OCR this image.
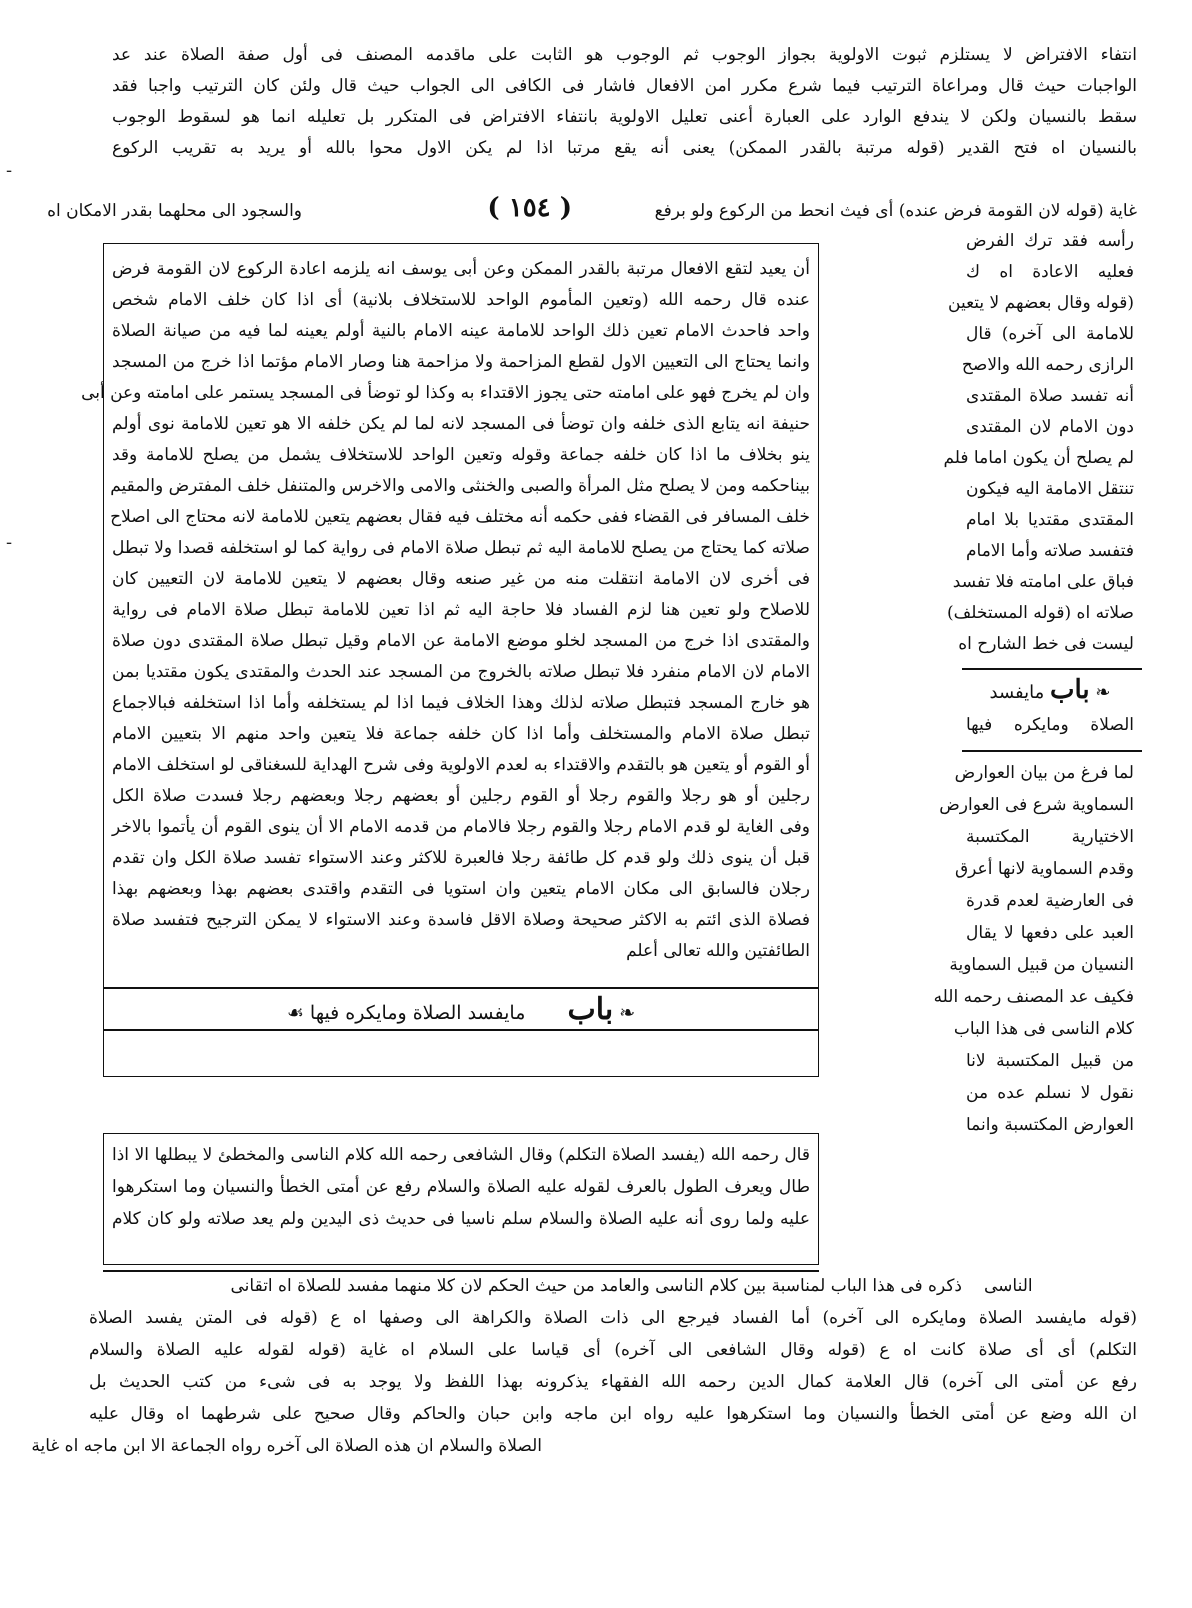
انتفاء الافتراض لا يستلزم ثبوت الاولوية بجواز الوجوب ثم الوجوب هو الثابت على ماقدمه المصنف فى أول صفة الصلاة عند عد
الواجبات حيث قال ومراعاة الترتيب فيما شرع مكرر امن الافعال فاشار فى الكافى الى الجواب حيث قال ولئن كان الترتيب واجبا فقد
سقط بالنسيان ولكن لا يندفع الوارد على العبارة أعنى تعليل الاولوية بانتفاء الافتراض فى المتكرر بل تعليله انما هو لسقوط الوجوب
بالنسيان اه فتح القدير (قوله مرتبة بالقدر الممكن) يعنى أنه يقع مرتبا اذا لم يكن الاول محوا بالله أو يريد به تقريب الركوع
والسجود الى محلهما بقدر الامكان اه	غاية (قوله لان القومة فرض عنده) أى فيث انحط من الركوع ولو برفع
( ١٥٤ )
‐
‐
أن يعيد لتقع الافعال مرتبة بالقدر الممكن وعن أبى يوسف انه يلزمه اعادة الركوع لان القومة فرض
عنده قال رحمه الله (وتعين المأموم الواحد للاستخلاف بلانية) أى اذا كان خلف الامام شخص
واحد فاحدث الامام تعين ذلك الواحد للامامة عينه الامام بالنية أولم يعينه لما فيه من صيانة الصلاة
وانما يحتاج الى التعيين الاول لقطع المزاحمة ولا مزاحمة هنا وصار الامام مؤتما اذا خرج من المسجد
وان لم يخرج فهو على امامته حتى يجوز الاقتداء به وكذا لو توضأ فى المسجد يستمر على امامته وعن أبى
حنيفة انه يتابع الذى خلفه وان توضأ فى المسجد لانه لما لم يكن خلفه الا هو تعين للامامة نوى أولم
ينو بخلاف ما اذا كان خلفه جماعة وقوله وتعين الواحد للاستخلاف يشمل من يصلح للامامة وقد
بيناحكمه ومن لا يصلح مثل المرأة والصبى والخنثى والامى والاخرس والمتنفل خلف المفترض والمقيم
خلف المسافر فى القضاء ففى حكمه أنه مختلف فيه فقال بعضهم يتعين للامامة لانه محتاج الى اصلاح
صلاته كما يحتاج من يصلح للامامة اليه ثم تبطل صلاة الامام فى رواية كما لو استخلفه قصدا ولا تبطل
فى أخرى لان الامامة انتقلت منه من غير صنعه وقال بعضهم لا يتعين للامامة لان التعيين كان
للاصلاح ولو تعين هنا لزم الفساد فلا حاجة اليه ثم اذا تعين للامامة تبطل صلاة الامام فى رواية
والمقتدى اذا خرج من المسجد لخلو موضع الامامة عن الامام وقيل تبطل صلاة المقتدى دون صلاة
الامام لان الامام منفرد فلا تبطل صلاته بالخروج من المسجد عند الحدث والمقتدى يكون مقتديا بمن
هو خارج المسجد فتبطل صلاته لذلك وهذا الخلاف فيما اذا لم يستخلفه وأما اذا استخلفه فبالاجماع
تبطل صلاة الامام والمستخلف وأما اذا كان خلفه جماعة فلا يتعين واحد منهم الا بتعيين الامام
أو القوم أو يتعين هو بالتقدم والاقتداء به لعدم الاولوية وفى شرح الهداية للسغناقى لو استخلف الامام
رجلين أو هو رجلا والقوم رجلا أو القوم رجلين أو بعضهم رجلا وبعضهم رجلا فسدت صلاة الكل
وفى الغاية لو قدم الامام رجلا والقوم رجلا فالامام من قدمه الامام الا أن ينوى القوم أن يأتموا بالاخر
قبل أن ينوى ذلك ولو قدم كل طائفة رجلا فالعبرة للاكثر وعند الاستواء تفسد صلاة الكل وان تقدم
رجلان فالسابق الى مكان الامام يتعين وان استويا فى التقدم واقتدى بعضهم بهذا وبعضهم بهذا
فصلاة الذى ائتم به الاكثر صحيحة وصلاة الاقل فاسدة وعند الاستواء لا يمكن الترجيح فتفسد صلاة
الطائفتين والله تعالى أعلم
❧ باب  مايفسد الصلاة ومايكره فيها ☙
قال رحمه الله (يفسد الصلاة التكلم) وقال الشافعى رحمه الله كلام الناسى والمخطئ لا يبطلها الا اذا
طال ويعرف الطول بالعرف لقوله عليه الصلاة والسلام رفع عن أمتى الخطأ والنسيان وما استكرهوا
عليه ولما روى أنه عليه الصلاة والسلام سلم ناسيا فى حديث ذى اليدين ولم يعد صلاته ولو كان كلام
رأسه فقد ترك الفرض
فعليه الاعادة اه ك
(قوله وقال بعضهم لا يتعين
للامامة الى آخره) قال
الرازى رحمه الله والاصح
أنه تفسد صلاة المقتدى
دون الامام لان المقتدى
لم يصلح أن يكون اماما فلم
تنتقل الامامة اليه فيكون
المقتدى مقتديا بلا امام
فتفسد صلاته وأما الامام
فباق على امامته فلا تفسد
صلاته اه (قوله المستخلف)
ليست فى خط الشارح اه
❧ باب مايفسد
الصلاة ومايكره فيها
لما فرغ من بيان العوارض
السماوية شرع فى العوارض
الاختيارية المكتسبة
وقدم السماوية لانها أعرق
فى العارضية لعدم قدرة
العبد على دفعها لا يقال
النسيان من قبيل السماوية
فكيف عد المصنف رحمه الله
كلام الناسى فى هذا الباب
من قبيل المكتسبة لانا
نقول لا نسلم عده من
العوارض المكتسبة وانما
ذكره فى هذا الباب لمناسبة بين كلام الناسى والعامد من حيث الحكم لان كلا منهما مفسد للصلاة اه اتقانى الناسى
(قوله مايفسد الصلاة ومايكره الى آخره) أما الفساد فيرجع الى ذات الصلاة والكراهة الى وصفها اه ع (قوله فى المتن يفسد الصلاة
التكلم) أى أى صلاة كانت اه ع (قوله وقال الشافعى الى آخره) أى قياسا على السلام اه غاية (قوله لقوله عليه الصلاة والسلام
رفع عن أمتى الى آخره) قال العلامة كمال الدين رحمه الله الفقهاء يذكرونه بهذا اللفظ ولا يوجد به فى شىء من كتب الحديث بل
ان الله وضع عن أمتى الخطأ والنسيان وما استكرهوا عليه رواه ابن ماجه وابن حبان والحاكم وقال صحيح على شرطهما اه وقال عليه
الصلاة والسلام ان هذه الصلاة الى آخره رواه الجماعة الا ابن ماجه اه غاية
